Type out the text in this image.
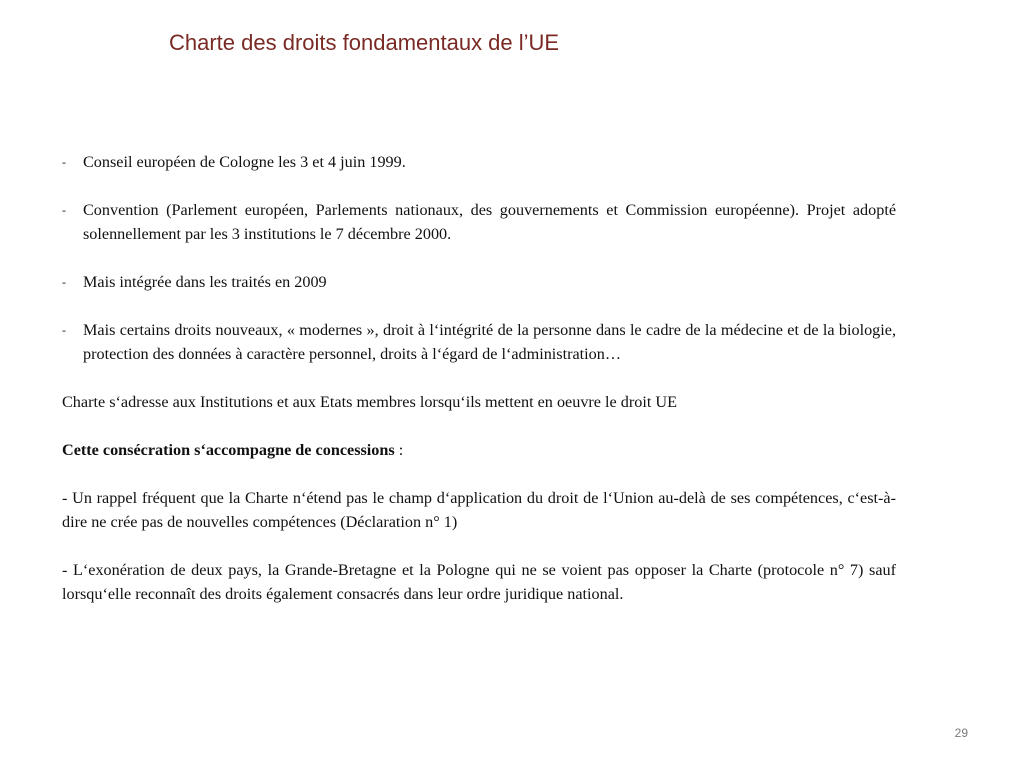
Charte des droits fondamentaux de l’UE
- Conseil européen de Cologne les 3 et 4 juin 1999.
- Convention (Parlement européen, Parlements nationaux, des gouvernements et Commission européenne). Projet adopté solennellement par les 3 institutions le 7 décembre 2000.
- Mais intégrée dans les traités en 2009
- Mais certains droits nouveaux, « modernes », droit à l‘intégrité de la personne dans le cadre de la médecine et de la biologie, protection des données à caractère personnel, droits à l‘égard de l‘administration…
Charte s‘adresse aux Institutions et aux Etats membres lorsqu‘ils mettent en oeuvre le droit UE
Cette consécration s‘accompagne de concessions :
- Un rappel fréquent que la Charte n‘étend pas le champ d‘application du droit de l‘Union au-delà de ses compétences, c‘est-à-dire ne crée pas de nouvelles compétences (Déclaration n° 1)
- L‘exonération de deux pays, la Grande-Bretagne et la Pologne qui ne se voient pas opposer la Charte (protocole n° 7) sauf lorsqu‘elle reconnaît des droits également consacrés dans leur ordre juridique national.
29
